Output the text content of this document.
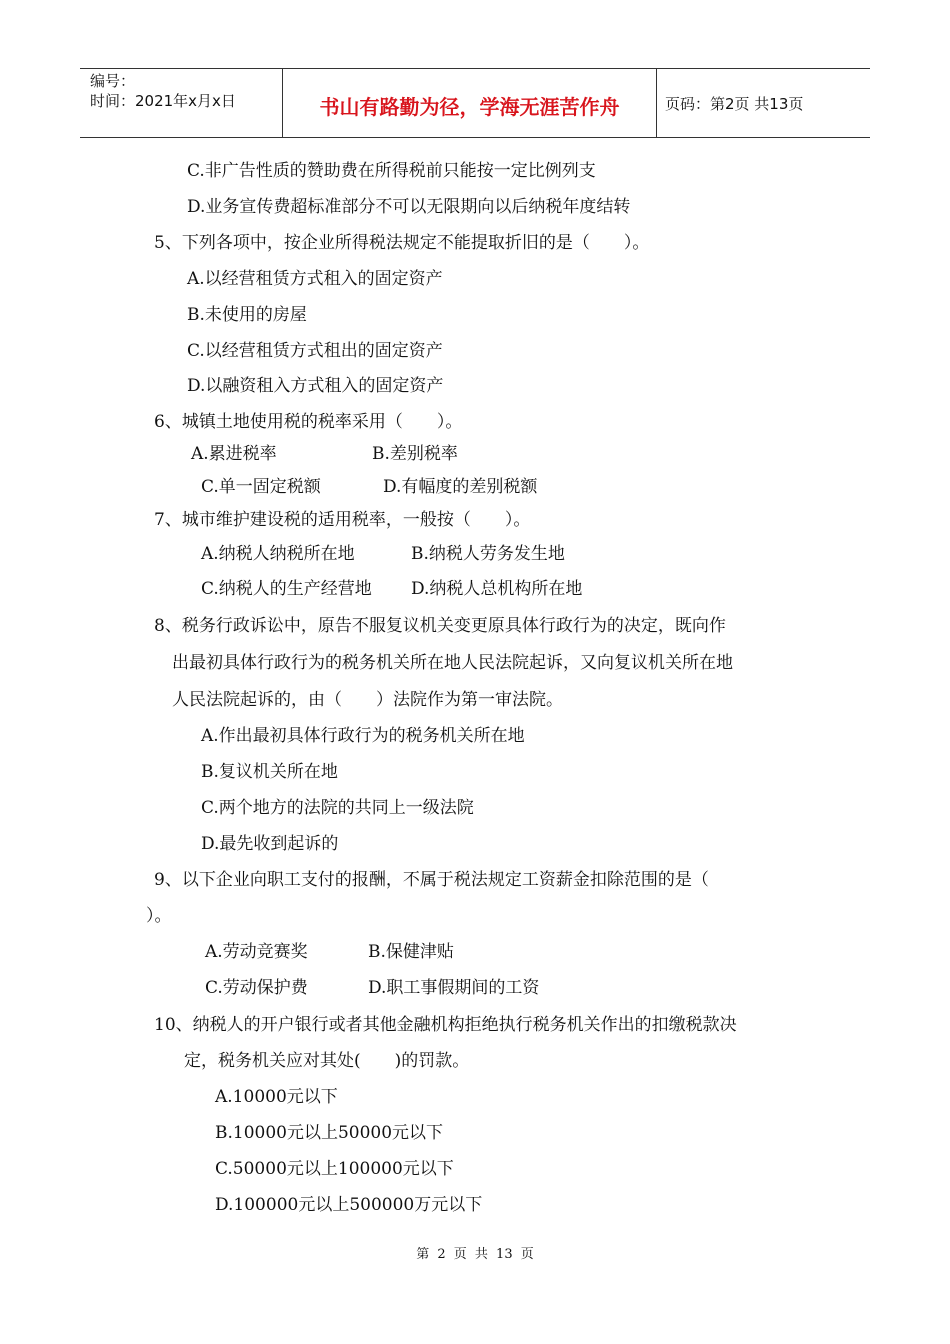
编号：
时间：2021年x月x日	书山有路勤为径，学海无涯苦作舟	页码：第2页 共13页
C.非广告性质的赞助费在所得税前只能按一定比例列支
D.业务宣传费超标准部分不可以无限期向以后纳税年度结转
5、下列各项中，按企业所得税法规定不能提取折旧的是（　　）。
A.以经营租赁方式租入的固定资产
B.未使用的房屋
C.以经营租赁方式租出的固定资产
D.以融资租入方式租入的固定资产
6、城镇土地使用税的税率采用（　　）。
A.累进税率	B.差别税率
C.单一固定税额	D.有幅度的差别税额
7、城市维护建设税的适用税率，一般按（　　）。
A.纳税人纳税所在地	B.纳税人劳务发生地
C.纳税人的生产经营地 D.纳税人总机构所在地
8、税务行政诉讼中，原告不服复议机关变更原具体行政行为的决定，既向作
出最初具体行政行为的税务机关所在地人民法院起诉，又向复议机关所在地
人民法院起诉的，由（　　）法院作为第一审法院。
A.作出最初具体行政行为的税务机关所在地
B.复议机关所在地
C.两个地方的法院的共同上一级法院
D.最先收到起诉的
9、以下企业向职工支付的报酬，不属于税法规定工资薪金扣除范围的是（
）。
A.劳动竞赛奖	B.保健津贴
C.劳动保护费	D.职工事假期间的工资
10、纳税人的开户银行或者其他金融机构拒绝执行税务机关作出的扣缴税款决
定，税务机关应对其处(　　)的罚款。
A.10000元以下
B.10000元以上50000元以下
C.50000元以上100000元以下
D.100000元以上500000万元以下
第 2 页 共 13 页
